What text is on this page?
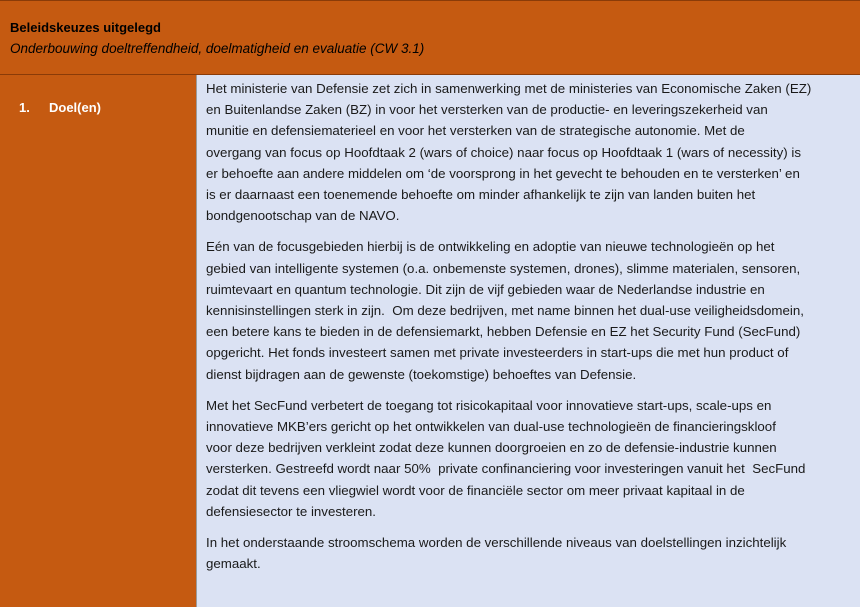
Beleidskeuzes uitgelegd
Onderbouwing doeltreffendheid, doelmatigheid en evaluatie (CW 3.1)
1. Doel(en)

Het ministerie van Defensie zet zich in samenwerking met de ministeries van Economische Zaken (EZ)
en Buitenlandse Zaken (BZ) in voor het versterken van de productie- en leveringszekerheid van
munitie en defensiematerieel en voor het versterken van de strategische autonomie. Met de
overgang van focus op Hoofdtaak 2 (wars of choice) naar focus op Hoofdtaak 1 (wars of necessity) is
er behoefte aan andere middelen om ‘de voorsprong in het gevecht te behouden en te versterken’ en
is er daarnaast een toenemende behoefte om minder afhankelijk te zijn van landen buiten het
bondgenootschap van de NAVO.

Eén van de focusgebieden hierbij is de ontwikkeling en adoptie van nieuwe technologieën op het
gebied van intelligente systemen (o.a. onbemenste systemen, drones), slimme materialen, sensoren,
ruimtevaart en quantum technologie. Dit zijn de vijf gebieden waar de Nederlandse industrie en
kennisinstellingen sterk in zijn.  Om deze bedrijven, met name binnen het dual-use veiligheidsdomein,
een betere kans te bieden in de defensiemarkt, hebben Defensie en EZ het Security Fund (SecFund)
opgericht. Het fonds investeert samen met private investeerders in start-ups die met hun product of
dienst bijdragen aan de gewenste (toekomstige) behoeftes van Defensie.

Met het SecFund verbetert de toegang tot risicokapitaal voor innovatieve start-ups, scale-ups en
innovatieve MKB’ers gericht op het ontwikkelen van dual-use technologieën de financieringskloof
voor deze bedrijven verkleint zodat deze kunnen doorgroeien en zo de defensie-industrie kunnen
versterken. Gestreefd wordt naar 50%  private confinanciering voor investeringen vanuit het  SecFund
zodat dit tevens een vliegwiel wordt voor de financiële sector om meer privaat kapitaal in de
defensiesector te investeren.

In het onderstaande stroomschema worden de verschillende niveaus van doelstellingen inzichtelijk
gemaakt.
